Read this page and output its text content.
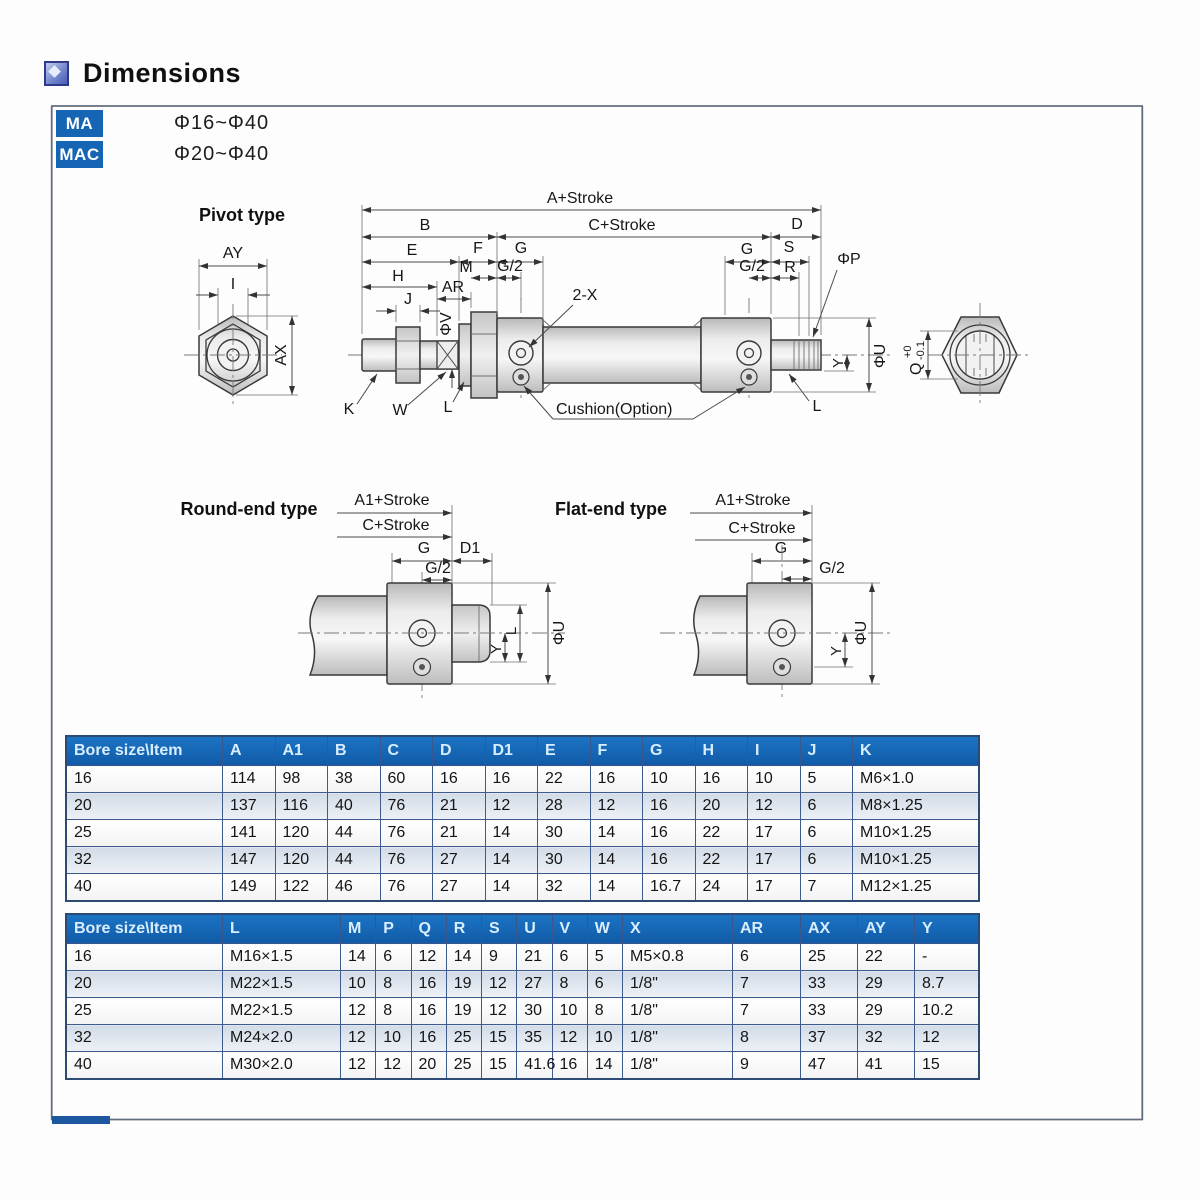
Dimensions
MA
MAC
Φ16~Φ40
Φ20~Φ40
Pivot type
AY
I
AX
A+Stroke
B	C+Stroke	D
E	F G	G S
M G/2	G/2 R
H
AR
J
ΦV
2-X
ΦP
Cushion(Option)
K W L	L
Y ΦU
Q +0 -0.1
Round-end type A1+Stroke
C+Stroke
G D1
G/2
Y
L ΦU
Flat-end type	A1+Stroke
C+Stroke
G
G/2
Y
ΦU
Bore size\Item	A	A1	B	C	D	D1	E	F	G	H	I	J	K
16	114	98	38	60	16	16	22	16	10	16	10	5	M6×1.0
20	137	116	40	76	21	12	28	12	16	20	12	6	M8×1.25
25	141	120	44	76	21	14	30	14	16	22	17	6	M10×1.25
32	147	120	44	76	27	14	30	14	16	22	17	6	M10×1.25
40	149	122	46	76	27	14	32	14	16.7	24	17	7	M12×1.25
Bore size\Item	L	M	P	Q	R	S	U	V	W	X	AR	AX	AY	Y
16	M16×1.5	14	6	12	14	9	21	6	5	M5×0.8	6	25	22	-
20	M22×1.5	10	8	16	19	12	27	8	6	1/8"	7	33	29	8.7
25	M22×1.5	12	8	16	19	12	30	10	8	1/8"	7	33	29	10.2
32	M24×2.0	12	10	16	25	15	35	12	10	1/8"	8	37	32	12
40	M30×2.0	12	12	20	25	15	41.6	16	14	1/8"	9	47	41	15
